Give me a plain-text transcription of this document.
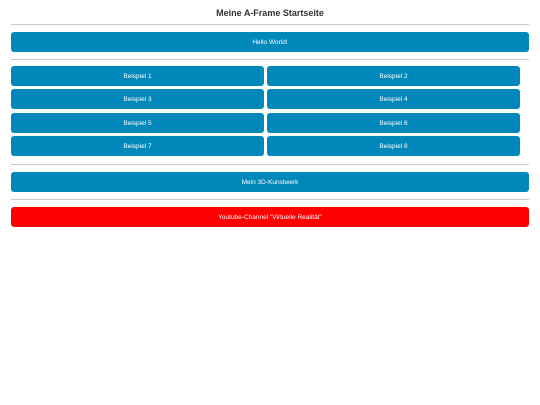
Meine A-Frame Startseite
Hello World!
Beispiel 1	Beispiel 2
Beispiel 3	Beispiel 4
Beispiel 5	Beispiel 6
Beispiel 7	Beispiel 8
Mein 3D-Kunstwerk
Youtube-Channel "Virtuelle Realität"
